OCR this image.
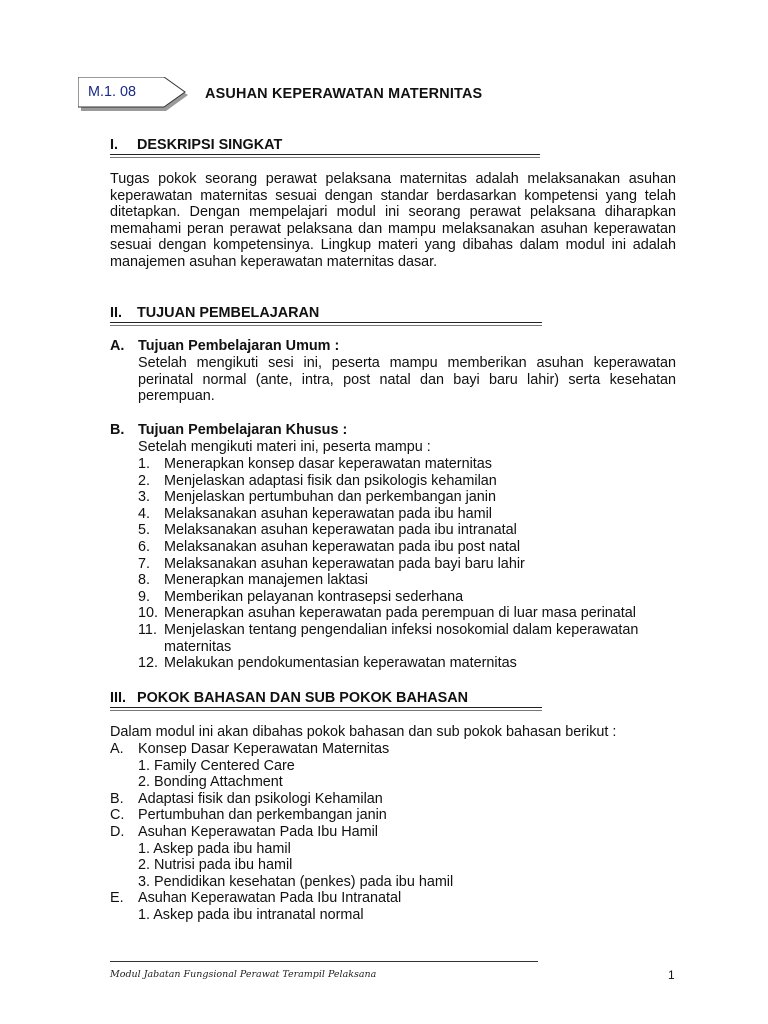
M.1. 08	ASUHAN KEPERAWATAN MATERNITAS
I. DESKRIPSI SINGKAT
Tugas pokok seorang perawat pelaksana maternitas adalah melaksanakan asuhan keperawatan maternitas sesuai dengan standar berdasarkan kompetensi yang telah ditetapkan. Dengan mempelajari modul ini seorang perawat pelaksana diharapkan memahami peran perawat pelaksana dan mampu melaksanakan asuhan keperawatan sesuai dengan kompetensinya. Lingkup materi yang dibahas dalam modul ini adalah manajemen asuhan keperawatan maternitas dasar.
II. TUJUAN PEMBELAJARAN
A. Tujuan Pembelajaran Umum :
Setelah mengikuti sesi ini, peserta mampu memberikan asuhan keperawatan perinatal normal (ante, intra, post natal dan bayi baru lahir) serta kesehatan perempuan.
B. Tujuan Pembelajaran Khusus :
Setelah mengikuti materi ini, peserta mampu :
1. Menerapkan konsep dasar keperawatan maternitas
2. Menjelaskan adaptasi fisik dan psikologis kehamilan
3. Menjelaskan pertumbuhan dan perkembangan janin
4. Melaksanakan asuhan keperawatan pada ibu hamil
5. Melaksanakan asuhan keperawatan pada ibu intranatal
6. Melaksanakan asuhan keperawatan pada ibu post natal
7. Melaksanakan asuhan keperawatan pada bayi baru lahir
8. Menerapkan manajemen laktasi
9. Memberikan pelayanan kontrasepsi sederhana
10. Menerapkan asuhan keperawatan pada perempuan di luar masa perinatal
11. Menjelaskan tentang pengendalian infeksi nosokomial dalam keperawatan maternitas
12. Melakukan pendokumentasian keperawatan maternitas
III. POKOK BAHASAN DAN SUB POKOK BAHASAN
Dalam modul ini akan dibahas pokok bahasan dan sub pokok bahasan berikut :
A. Konsep Dasar Keperawatan Maternitas
1. Family Centered Care
2. Bonding Attachment
B. Adaptasi fisik dan psikologi Kehamilan
C. Pertumbuhan dan perkembangan janin
D. Asuhan Keperawatan Pada Ibu Hamil
1. Askep pada ibu hamil
2. Nutrisi pada ibu hamil
3. Pendidikan kesehatan (penkes) pada ibu hamil
E. Asuhan Keperawatan Pada Ibu Intranatal
1. Askep pada ibu intranatal normal
Modul Jabatan Fungsional Perawat Terampil Pelaksana	1
